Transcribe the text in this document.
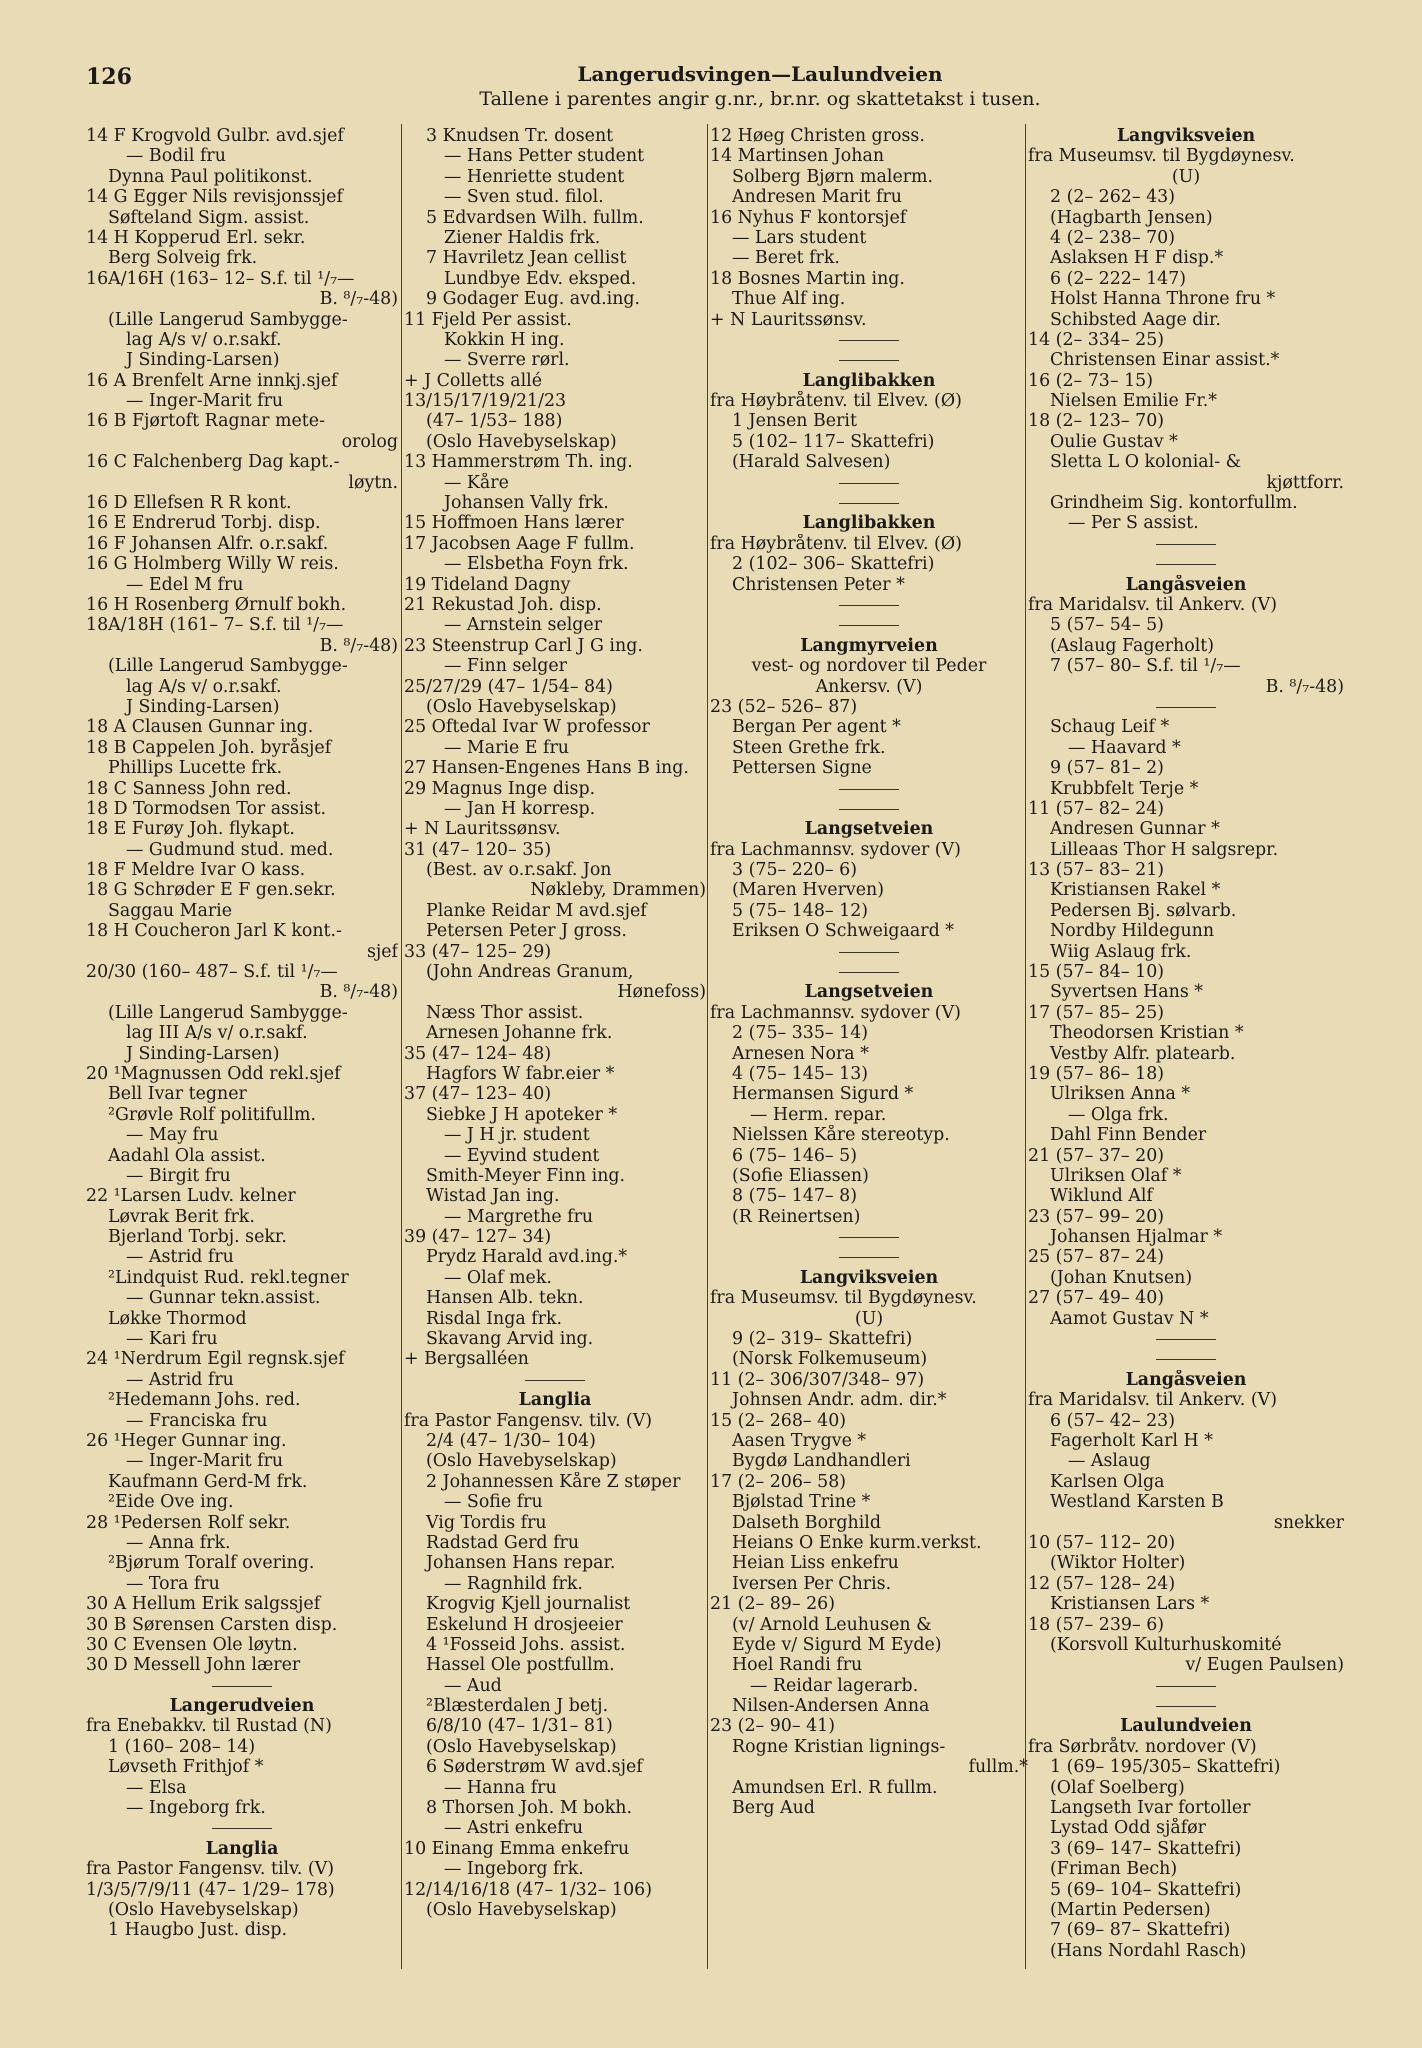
126	Langerudsvingen—Laulundveien
Tallene i parentes angir g.nr., br.nr. og skattetakst i tusen.
14 F Krogvold Gulbr. avd.sjef
— Bodil fru
Dynna Paul politikonst.
14 G Egger Nils revisjonssjef
Søfteland Sigm. assist.
14 H Kopperud Erl. sekr.
Berg Solveig frk.
16A/16H (163– 12– S.f. til ¹/₇—
B. ⁸/₇-48)
(Lille Langerud Sambygge-
lag A/s v/ o.r.sakf.
J Sinding-Larsen)
16 A Brenfelt Arne innkj.sjef
— Inger-Marit fru
16 B Fjørtoft Ragnar mete-
orolog
16 C Falchenberg Dag kapt.-
løytn.
16 D Ellefsen R R kont.
16 E Endrerud Torbj. disp.
16 F Johansen Alfr. o.r.sakf.
16 G Holmberg Willy W reis.
— Edel M fru
16 H Rosenberg Ørnulf bokh.
18A/18H (161– 7– S.f. til ¹/₇—
B. ⁸/₇-48)
(Lille Langerud Sambygge-
lag A/s v/ o.r.sakf.
J Sinding-Larsen)
18 A Clausen Gunnar ing.
18 B Cappelen Joh. byråsjef
Phillips Lucette frk.
18 C Sanness John red.
18 D Tormodsen Tor assist.
18 E Furøy Joh. flykapt.
— Gudmund stud. med.
18 F Meldre Ivar O kass.
18 G Schrøder E F gen.sekr.
Saggau Marie
18 H Coucheron Jarl K kont.-
sjef
20/30 (160– 487– S.f. til ¹/₇—
B. ⁸/₇-48)
(Lille Langerud Sambygge-
lag III A/s v/ o.r.sakf.
J Sinding-Larsen)
20 ¹Magnussen Odd rekl.sjef
Bell Ivar tegner
²Grøvle Rolf politifullm.
— May fru
Aadahl Ola assist.
— Birgit fru
22 ¹Larsen Ludv. kelner
Løvrak Berit frk.
Bjerland Torbj. sekr.
— Astrid fru
²Lindquist Rud. rekl.tegner
— Gunnar tekn.assist.
Løkke Thormod
— Kari fru
24 ¹Nerdrum Egil regnsk.sjef
— Astrid fru
²Hedemann Johs. red.
— Franciska fru
26 ¹Heger Gunnar ing.
— Inger-Marit fru
Kaufmann Gerd-M frk.
²Eide Ove ing.
28 ¹Pedersen Rolf sekr.
— Anna frk.
²Bjørum Toralf overing.
— Tora fru
30 A Hellum Erik salgssjef
30 B Sørensen Carsten disp.
30 C Evensen Ole løytn.
30 D Messell John lærer
Langerudveien
fra Enebakkv. til Rustad (N)
1 (160– 208– 14)
Løvseth Frithjof *
— Elsa
— Ingeborg frk.
Langlia
fra Pastor Fangensv. tilv. (V)
1/3/5/7/9/11 (47– 1/29– 178)
(Oslo Havebyselskap)
1 Haugbo Just. disp.
3 Knudsen Tr. dosent
— Hans Petter student
— Henriette student
— Sven stud. filol.
5 Edvardsen Wilh. fullm.
Ziener Haldis frk.
7 Havriletz Jean cellist
Lundbye Edv. eksped.
9 Godager Eug. avd.ing.
11 Fjeld Per assist.
Kokkin H ing.
— Sverre rørl.
+ J Colletts allé
13/15/17/19/21/23
(47– 1/53– 188)
(Oslo Havebyselskap)
13 Hammerstrøm Th. ing.
— Kåre
Johansen Vally frk.
15 Hoffmoen Hans lærer
17 Jacobsen Aage F fullm.
— Elsbetha Foyn frk.
19 Tideland Dagny
21 Rekustad Joh. disp.
— Arnstein selger
23 Steenstrup Carl J G ing.
— Finn selger
25/27/29 (47– 1/54– 84)
(Oslo Havebyselskap)
25 Oftedal Ivar W professor
— Marie E fru
27 Hansen-Engenes Hans B ing.
29 Magnus Inge disp.
— Jan H korresp.
+ N Lauritssønsv.
31 (47– 120– 35)
(Best. av o.r.sakf. Jon
Nøkleby, Drammen)
Planke Reidar M avd.sjef
Petersen Peter J gross.
33 (47– 125– 29)
(John Andreas Granum,
Hønefoss)
Næss Thor assist.
Arnesen Johanne frk.
35 (47– 124– 48)
Hagfors W fabr.eier *
37 (47– 123– 40)
Siebke J H apoteker *
— J H jr. student
— Eyvind student
Smith-Meyer Finn ing.
Wistad Jan ing.
— Margrethe fru
39 (47– 127– 34)
Prydz Harald avd.ing.*
— Olaf mek.
Hansen Alb. tekn.
Risdal Inga frk.
Skavang Arvid ing.
+ Bergsalléen
Langlia
fra Pastor Fangensv. tilv. (V)
2/4 (47– 1/30– 104)
(Oslo Havebyselskap)
2 Johannessen Kåre Z støper
— Sofie fru
Vig Tordis fru
Radstad Gerd fru
Johansen Hans repar.
— Ragnhild frk.
Krogvig Kjell journalist
Eskelund H drosjeeier
4 ¹Fosseid Johs. assist.
Hassel Ole postfullm.
— Aud
²Blæsterdalen J betj.
6/8/10 (47– 1/31– 81)
(Oslo Havebyselskap)
6 Søderstrøm W avd.sjef
— Hanna fru
8 Thorsen Joh. M bokh.
— Astri enkefru
10 Einang Emma enkefru
— Ingeborg frk.
12/14/16/18 (47– 1/32– 106)
(Oslo Havebyselskap)
12 Høeg Christen gross.
14 Martinsen Johan
Solberg Bjørn malerm.
Andresen Marit fru
16 Nyhus F kontorsjef
— Lars student
— Beret frk.
18 Bosnes Martin ing.
Thue Alf ing.
+ N Lauritssønsv.
Langlibakken
fra Høybråtenv. til Elvev. (Ø)
1 Jensen Berit
5 (102– 117– Skattefri)
(Harald Salvesen)
Langlibakken
fra Høybråtenv. til Elvev. (Ø)
2 (102– 306– Skattefri)
Christensen Peter *
Langmyrveien
vest- og nordover til Peder
Ankersv. (V)
23 (52– 526– 87)
Bergan Per agent *
Steen Grethe frk.
Pettersen Signe
Langsetveien
fra Lachmannsv. sydover (V)
3 (75– 220– 6)
(Maren Hverven)
5 (75– 148– 12)
Eriksen O Schweigaard *
Langsetveien
fra Lachmannsv. sydover (V)
2 (75– 335– 14)
Arnesen Nora *
4 (75– 145– 13)
Hermansen Sigurd *
— Herm. repar.
Nielssen Kåre stereotyp.
6 (75– 146– 5)
(Sofie Eliassen)
8 (75– 147– 8)
(R Reinertsen)
Langviksveien
fra Museumsv. til Bygdøynesv.
(U)
9 (2– 319– Skattefri)
(Norsk Folkemuseum)
11 (2– 306/307/348– 97)
Johnsen Andr. adm. dir.*
15 (2– 268– 40)
Aasen Trygve *
Bygdø Landhandleri
17 (2– 206– 58)
Bjølstad Trine *
Dalseth Borghild
Heians O Enke kurm.verkst.
Heian Liss enkefru
Iversen Per Chris.
21 (2– 89– 26)
(v/ Arnold Leuhusen &
Eyde v/ Sigurd M Eyde)
Hoel Randi fru
— Reidar lagerarb.
Nilsen-Andersen Anna
23 (2– 90– 41)
Rogne Kristian lignings-
fullm.*
Amundsen Erl. R fullm.
Berg Aud
Langviksveien
fra Museumsv. til Bygdøynesv.
(U)
2 (2– 262– 43)
(Hagbarth Jensen)
4 (2– 238– 70)
Aslaksen H F disp.*
6 (2– 222– 147)
Holst Hanna Throne fru *
Schibsted Aage dir.
14 (2– 334– 25)
Christensen Einar assist.*
16 (2– 73– 15)
Nielsen Emilie Fr.*
18 (2– 123– 70)
Oulie Gustav *
Sletta L O kolonial- &
kjøttforr.
Grindheim Sig. kontorfullm.
— Per S assist.
Langåsveien
fra Maridalsv. til Ankerv. (V)
5 (57– 54– 5)
(Aslaug Fagerholt)
7 (57– 80– S.f. til ¹/₇—
B. ⁸/₇-48)
Schaug Leif *
— Haavard *
9 (57– 81– 2)
Krubbfelt Terje *
11 (57– 82– 24)
Andresen Gunnar *
Lilleaas Thor H salgsrepr.
13 (57– 83– 21)
Kristiansen Rakel *
Pedersen Bj. sølvarb.
Nordby Hildegunn
Wiig Aslaug frk.
15 (57– 84– 10)
Syvertsen Hans *
17 (57– 85– 25)
Theodorsen Kristian *
Vestby Alfr. platearb.
19 (57– 86– 18)
Ulriksen Anna *
— Olga frk.
Dahl Finn Bender
21 (57– 37– 20)
Ulriksen Olaf *
Wiklund Alf
23 (57– 99– 20)
Johansen Hjalmar *
25 (57– 87– 24)
(Johan Knutsen)
27 (57– 49– 40)
Aamot Gustav N *
Langåsveien
fra Maridalsv. til Ankerv. (V)
6 (57– 42– 23)
Fagerholt Karl H *
— Aslaug
Karlsen Olga
Westland Karsten B
snekker
10 (57– 112– 20)
(Wiktor Holter)
12 (57– 128– 24)
Kristiansen Lars *
18 (57– 239– 6)
(Korsvoll Kulturhuskomité
v/ Eugen Paulsen)
Laulundveien
fra Sørbråtv. nordover (V)
1 (69– 195/305– Skattefri)
(Olaf Soelberg)
Langseth Ivar fortoller
Lystad Odd sjåfør
3 (69– 147– Skattefri)
(Friman Bech)
5 (69– 104– Skattefri)
(Martin Pedersen)
7 (69– 87– Skattefri)
(Hans Nordahl Rasch)
